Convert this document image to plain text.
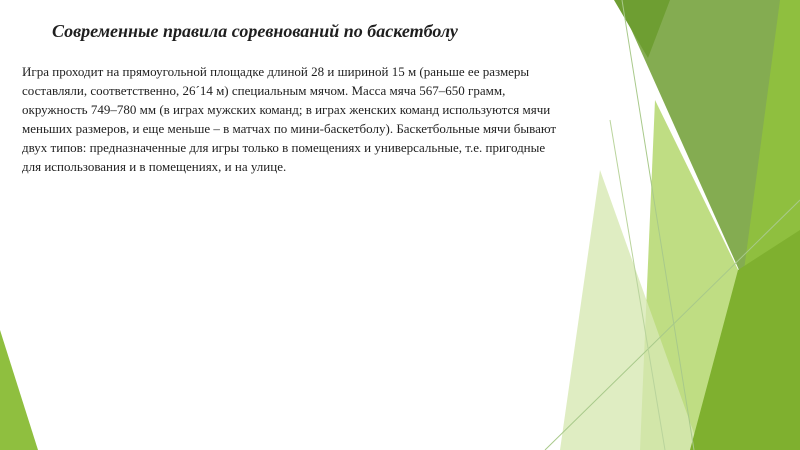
Современные правила соревнований по баскетболу
Игра проходит на прямоугольной площадке длиной 28 и шириной 15 м (раньше ее размеры
составляли, соответственно, 26´14 м) специальным мячом. Масса мяча 567–650 грамм,
окружность 749–780 мм (в играх мужских команд; в играх женских команд используются мячи
меньших размеров, и еще меньше – в матчах по мини-баскетболу). Баскетбольные мячи бывают
двух типов: предназначенные для игры только в помещениях и универсальные, т.е. пригодные
для использования и в помещениях, и на улице.
